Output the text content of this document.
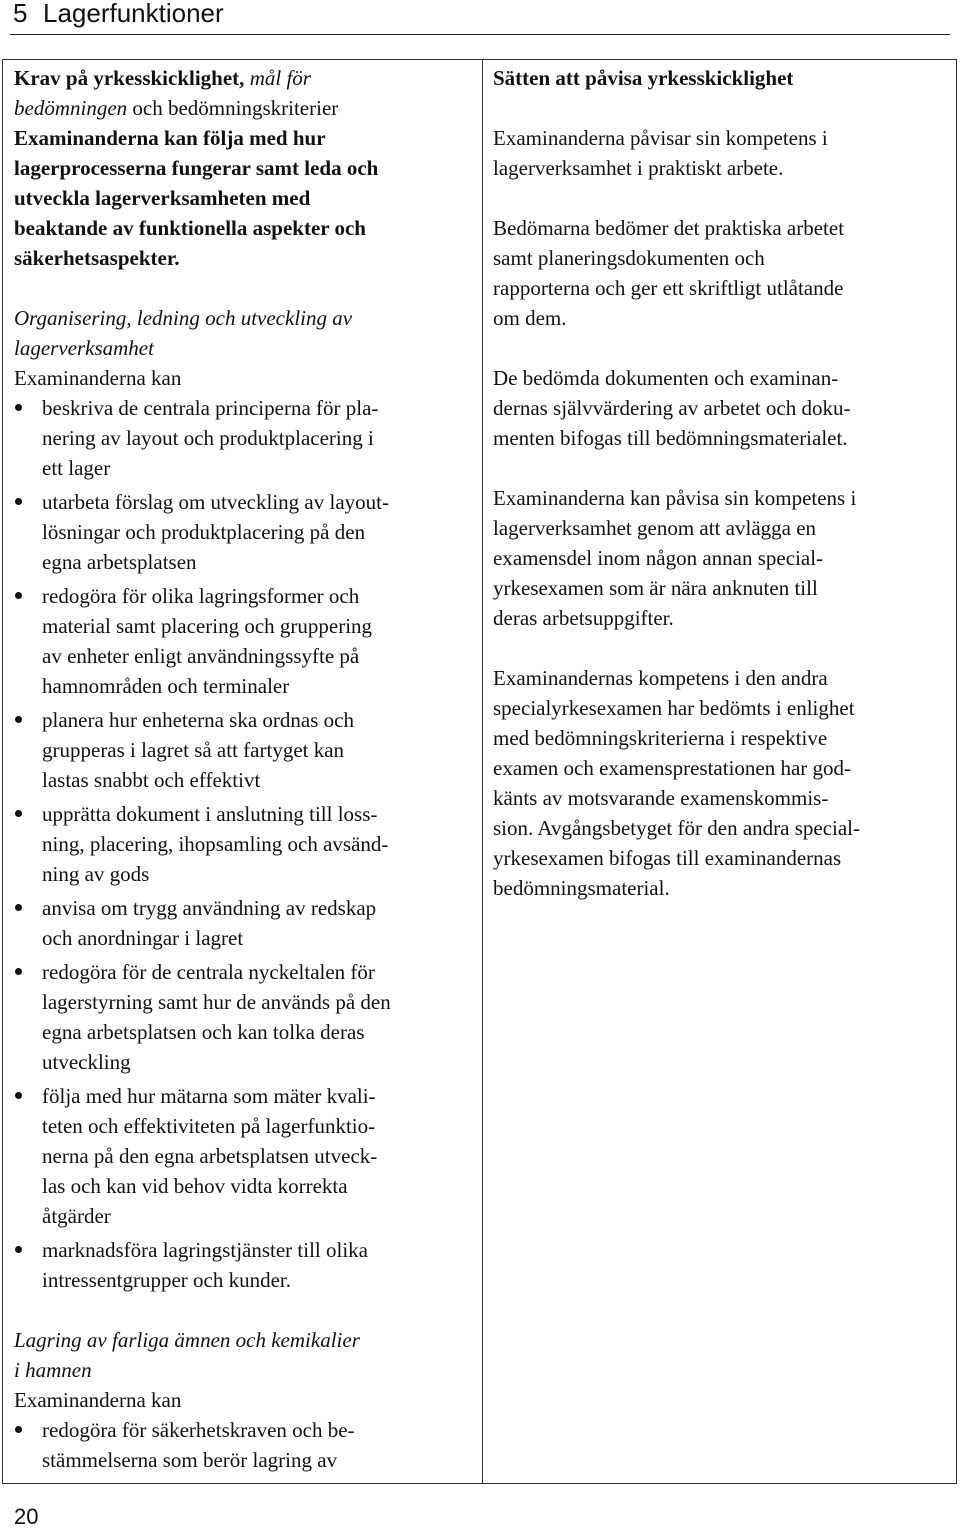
5 Lagerfunktioner
Krav på yrkesskicklighet, mål för
bedömningen och bedömningskriterier
Examinanderna kan följa med hur
lagerprocesserna fungerar samt leda och
utveckla lagerverksamheten med
beaktande av funktionella aspekter och
säkerhetsaspekter.
Organisering, ledning och utveckling av
lagerverksamhet
Examinanderna kan
beskriva de centrala principerna för pla-
nering av layout och produktplacering i
ett lager
utarbeta förslag om utveckling av layout-
lösningar och produktplacering på den
egna arbetsplatsen
redogöra för olika lagringsformer och
material samt placering och gruppering
av enheter enligt användningssyfte på
hamnområden och terminaler
planera hur enheterna ska ordnas och
grupperas i lagret så att fartyget kan
lastas snabbt och effektivt
upprätta dokument i anslutning till loss-
ning, placering, ihopsamling och avsänd-
ning av gods
anvisa om trygg användning av redskap
och anordningar i lagret
redogöra för de centrala nyckeltalen för
lagerstyrning samt hur de används på den
egna arbetsplatsen och kan tolka deras
utveckling
följa med hur mätarna som mäter kvali-
teten och effektiviteten på lagerfunktio-
nerna på den egna arbetsplatsen utveck-
las och kan vid behov vidta korrekta
åtgärder
marknadsföra lagringstjänster till olika
intressentgrupper och kunder.
Lagring av farliga ämnen och kemikalier
i hamnen
Examinanderna kan
redogöra för säkerhetskraven och be-
stämmelserna som berör lagring av
Sätten att påvisa yrkesskicklighet
Examinanderna påvisar sin kompetens i
lagerverksamhet i praktiskt arbete.
Bedömarna bedömer det praktiska arbetet
samt planeringsdokumenten och
rapporterna och ger ett skriftligt utlåtande
om dem.
De bedömda dokumenten och examinan-
dernas självvärdering av arbetet och doku-
menten bifogas till bedömningsmaterialet.
Examinanderna kan påvisa sin kompetens i
lagerverksamhet genom att avlägga en
examensdel inom någon annan special-
yrkesexamen som är nära anknuten till
deras arbetsuppgifter.
Examinandernas kompetens i den andra
specialyrkesexamen har bedömts i enlighet
med bedömningskriterierna i respektive
examen och examensprestationen har god-
känts av motsvarande examenskommis-
sion. Avgångsbetyget för den andra special-
yrkesexamen bifogas till examinandernas
bedömningsmaterial.
20
